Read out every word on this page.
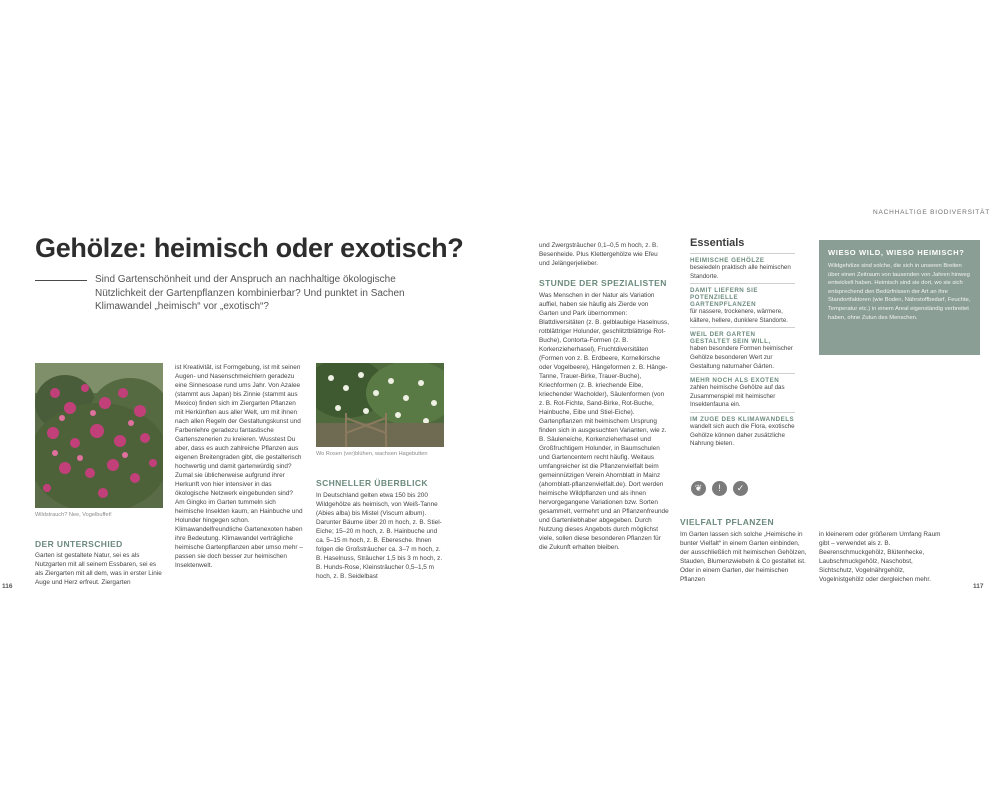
Gehölze: heimisch oder exotisch?
Sind Gartenschönheit und der Anspruch an nachhaltige ökologische Nützlichkeit der Gartenpflanzen kombinierbar? Und punktet in Sachen Klimawandel „heimisch“ vor „exotisch“?
Wildstrauch? Nee, Vogelbuffet!
DER UNTERSCHIED
Garten ist gestaltete Natur, sei es als Nutzgarten mit all seinem Essbaren, sei es als Ziergarten mit all dem, was in erster Linie Auge und Herz erfreut. Ziergarten
ist Kreativität, ist Formgebung, ist mit seinen Augen- und Nasenschmeichlern geradezu eine Sinnesoase rund ums Jahr. Von Azalee (stammt aus Japan) bis Zinnie (stammt aus Mexico) finden sich im Ziergarten Pflanzen mit Herkünften aus aller Welt, um mit ihnen nach allen Regeln der Gestaltungskunst und Farbenlehre geradezu fantastische Gartenszenerien zu kreieren. Wusstest Du aber, dass es auch zahlreiche Pflanzen aus eigenen Breitengraden gibt, die gestalterisch hochwertig und damit gartenwürdig sind? Zumal sie üblicherweise aufgrund ihrer Herkunft von hier intensiver in das ökologische Netzwerk eingebunden sind? Am Gingko im Garten tummeln sich heimische Insekten kaum, an Hainbuche und Holunder hingegen schon. Klimawandelfreundliche Gartenexoten haben ihre Bedeutung. Klimawandel verträgliche heimische Gartenpflanzen aber umso mehr – passen sie doch besser zur heimischen Insektenwelt.
Wo Rosen (ver)blühen, wachsen Hagebutten
SCHNELLER ÜBERBLICK
In Deutschland gelten etwa 150 bis 200 Wildgehölze als heimisch, von Weiß-Tanne (Abies alba) bis Mistel (Viscum album). Darunter Bäume über 20 m hoch, z. B. Stiel-Eiche; 15–20 m hoch, z. B. Hainbuche und ca. 5–15 m hoch, z. B. Eberesche. Ihnen folgen die Großsträucher ca. 3–7 m hoch, z. B. Haselnuss, Sträucher 1,5 bis 3 m hoch, z. B. Hunds-Rose, Kleinsträucher 0,5–1,5 m hoch, z. B. Seidelbast
116
NACHHALTIGE BIODIVERSITÄT
und Zwergsträucher 0,1–0,5 m hoch, z. B. Besenheide. Plus Klettergehölze wie Efeu und Jelängerjelieber.
STUNDE DER SPEZIALISTEN
Was Menschen in der Natur als Variation auffiel, haben sie häufig als Zierde von Garten und Park übernommen: Blattdiversitäten (z. B. gelblaubige Haselnuss, rotblättriger Holunder, geschlitztblättrige Rot-Buche), Contorta-Formen (z. B. Korkenzieherhasel), Fruchtdiversitäten (Formen von z. B. Erdbeere, Kornelkirsche oder Vogelbeere), Hängeformen z. B. Hänge-Tanne, Trauer-Birke, Trauer-Buche), Kriechformen (z. B. kriechende Eibe, kriechender Wacholder), Säulenformen (von z. B. Rot-Fichte, Sand-Birke, Rot-Buche, Hainbuche, Eibe und Stiel-Eiche). Gartenpflanzen mit heimischem Ursprung finden sich in ausgesuchten Varianten, wie z. B. Säuleneiche, Korkenzieherhasel und Großfruchtigem Holunder, in Baumschulen und Gartencentern recht häufig. Weitaus umfangreicher ist die Pflanzenvielfalt beim gemeinnützigen Verein Ahornblatt in Mainz (ahornblatt-pflanzenvielfalt.de). Dort werden heimische Wildpflanzen und als ihnen hervorgegangene Variationen bzw. Sorten gesammelt, vermehrt und an Pflanzenfreunde und Gartenliebhaber abgegeben. Durch Nutzung dieses Angebots durch möglichst viele, sollen diese besonderen Pflanzen für die Zukunft erhalten bleiben.
Essentials
HEIMISCHE GEHÖLZE
beseiedeln praktisch alle heimischen Standorte.
DAMIT LIEFERN SIE POTENZIELLE GARTENPFLANZEN
für nassere, trockenere, wärmere, kältere, hellere, dunklere Standorte.
WEIL DER GARTEN GESTALTET SEIN WILL,
haben besondere Formen heimischer Gehölze besonderen Wert zur Gestaltung naturnaher Gärten.
MEHR NOCH ALS EXOTEN
zahlen heimische Gehölze auf das Zusammenspiel mit heimischer Insektenfauna ein.
IM ZUGE DES KLIMAWANDELS
wandelt sich auch die Flora, exotische Gehölze können daher zusätzliche Nahrung bieten.
❦	!	✓
VIELFALT PFLANZEN
Im Garten lassen sich solche „Heimische in bunter Vielfalt“ in einem Garten einbinden, der ausschließlich mit heimischen Gehölzen, Stauden, Blumenzwiebeln & Co gestaltet ist. Oder in einem Garten, der heimischen Pflanzen
WIESO WILD, WIESO HEIMISCH?
Wildgehölze sind solche, die sich in unseren Breiten über einen Zeitraum von tausenden von Jahren hinweg entwickelt haben. Heimisch sind sie dort, wo sie sich entsprechend den Bedürfnissen der Art an ihre Standortfaktoren (wie Boden, Nährstoffbedarf, Feuchte, Temperatur etc.) in einem Areal eigenständig verbreitet haben, ohne Zutun des Menschen.
in kleinerem oder größerem Umfang Raum gibt – verwendet als z. B. Beerenschmuckgehölz, Blütenhecke, Laubschmuckgehölz, Naschobst, Sichtschutz, Vogelnährgehölz, Vogelnistgehölz oder dergleichen mehr.
117
